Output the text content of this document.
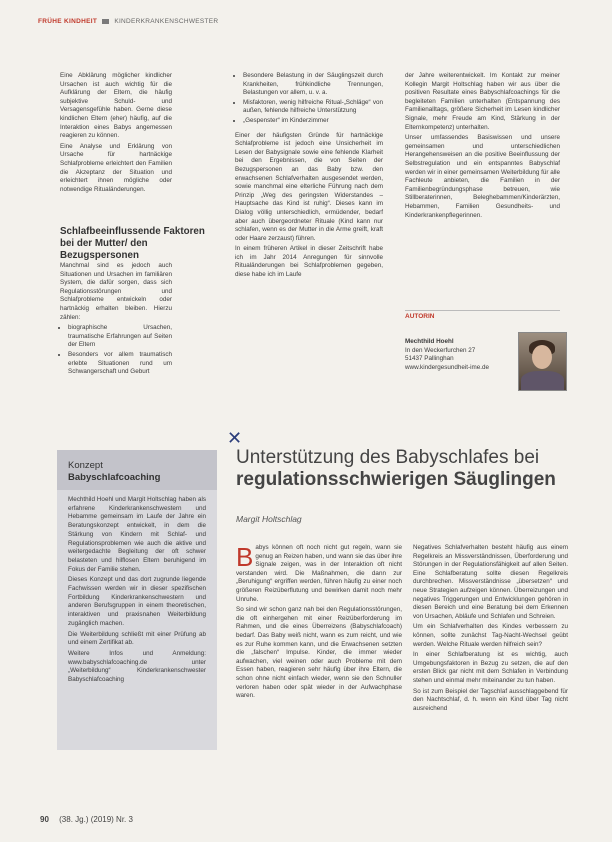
FRÜHE KINDHEIT	KINDERKRANKENSCHWESTER

Eine Abklärung möglicher kindlicher Ursachen ist auch wichtig für die Aufklärung der Eltern, die häufig subjektive Schuld- und Versagensgefühle haben. Gerne diese kindlichen Eltern (eher) häufig, auf die Interaktion eines Babys angemessen reagieren zu können.

Eine Analyse und Erklärung von Ursache für hartnäckige Schlafprobleme erleichtert den Familien die Akzeptanz der Situation und erleichtert ihnen mögliche oder notwendige Ritualänderungen.

Schlafbeeinflussende Faktoren bei der Mutter/ den Bezugspersonen

Manchmal sind es jedoch auch Situationen und Ursachen im familiären System, die dafür sorgen, dass sich Regulationsstörungen und Schlafprobleme entwickeln oder hartnäckig erhalten bleiben. Hierzu zählen:

• biographische Ursachen, traumatische Erfahrungen auf Seiten der Eltern
• Besonders vor allem traumatisch erlebte Situationen rund um Schwangerschaft und Geburt
• Besondere Belastung in der Säuglingszeit durch Krankheiten, frühkindliche Trennungen, Belastungen vor allem, u. v. a.
• Misfaktoren, wenig hilfreiche Ritual-„Schläge“ von außen, fehlende hilfreiche Unterstützung
• „Gespenster“ im Kinderzimmer

Einer der häufigsten Gründe für hartnäckige Schlafprobleme ist jedoch eine Unsicherheit im Lesen der Babysignale sowie eine fehlende Klarheit bei den Ergebnissen, die von Seiten der Bezugspersonen an das Baby bzw. den erwachsenen Schlafverhalten ausgesendet werden, sowie manchmal eine elterliche Führung nach dem Prinzip „Weg des geringsten Widerstandes – Hauptsache das Kind ist ruhig“. Dieses kann im Dialog völlig unterschiedlich, ermüdender, bedarf aber auch übergeordneter Rituale (Kind kann nur schlafen, wenn es der Mutter in die Arme greift, kraft oder Haare zerzaust) führen.

In einem früheren Artikel in dieser Zeitschrift habe ich im Jahr 2014 Anregungen für sinnvolle Ritualänderungen bei Schlafproblemen gegeben, diese habe ich im Laufe

der Jahre weiterentwickelt. Im Kontakt zur meiner Kollegin Margit Holtschlag haben wir aus über die positiven Resultate eines Babyschlafcoachings für die begleiteten Familien unterhalten (Entspannung des Familienalltags, größere Sicherheit im Lesen kindlicher Signale, mehr Freude am Kind, Stärkung in der Elternkompetenz) unterhalten.

Unser umfassendes Basiswissen und unsere gemeinsamen und unterschiedlichen Herangehensweisen an die positive Beeinflussung der Selbstregulation und ein entspanntes Babyschlaf werden wir in einer gemeinsamen Weiterbildung für alle Fachleute anbieten, die Familien in der Familienbegründungsphase betreuen, wie Stillberaterinnen, Beleghebammen/Kinderärzten, Hebammen, Familien Gesundheits- und Kinderkrankenpflegerinnen.

AUTORIN
Mechthild Hoehl
In den Weckerfurchen 27
51437 Pallinghan
www.kindergesundheit-ime.de
✕
Konzept
Babyschlafcoaching

Mechthild Hoehl und Margit Holtschlag haben als erfahrene Kinderkrankenschwestern und Hebamme gemeinsam im Laufe der Jahre ein Beratungskonzept entwickelt, in dem die Stärkung von Kindern mit Schlaf- und Regulationsproblemen wie auch die aktive und weitergedachte Begleitung der oft schwer belasteten und hilflosen Eltern beruhigend im Fokus der Familie stehen.

Dieses Konzept und das dort zugrunde liegende Fachwissen werden wir in dieser spezifischen Fortbildung Kinderkrankenschwestern und anderen Berufsgruppen in einem theoretischen, interaktiven und praxisnahen Weiterbildung zugänglich machen.

Die Weiterbildung schließt mit einer Prüfung ab und einem Zertifikat ab.

Weitere Infos und Anmeldung: www.babyschlafcoaching.de unter „Weiterbildung“ Kinderkrankenschwester Babyschlafcoaching

Unterstützung des Babyschlafes bei
regulationsschwierigen Säuglingen
Margit Holtschlag

Babys können oft noch nicht gut regeln, wann sie genug an Reizen haben, und wann sie das über ihre Signale zeigen, was in der Interaktion oft nicht verstanden wird. Die Maßnahmen, die dann zur „Beruhigung“ ergriffen werden, führen häufig zu einer noch größeren Reizüberflutung und bewirken damit noch mehr Unruhe.

So sind wir schon ganz nah bei den Regulationsstörungen, die oft einhergehen mit einer Reizüberforderung im Rahmen, und die eines Überreizens (Babyschlafcoach) bedarf. Das Baby weiß nicht, wann es zum reicht, und wie es zur Ruhe kommen kann, und die Erwachsenen setzten die „falschen“ Impulse. Kinder, die immer wieder aufwachen, viel weinen oder auch Probleme mit dem Essen haben, reagieren sehr häufig über ihre Eltern, die schon ohne nicht einfach wieder, wenn sie den Schnuller verloren haben oder spät wieder in der Aufwachphase waren.

Negatives Schlafverhalten besteht häufig aus einem Regelkreis an Missverständnissen, Überforderung und Störungen in der Regulationsfähigkeit auf allen Seiten. Eine Schlafberatung sollte diesen Regelkreis durchbrechen. Missverständnisse „übersetzen“ und neue Strategien aufzeigen können. Überreizungen und negatives Triggerungen und Entwicklungen gehören in diesen Bereich und eine Beratung bei dem Erkennen von Ursachen, Abläufe und Schlafen und Schreien.

Um ein Schlafverhalten des Kindes verbessern zu können, sollte zunächst Tag-Nacht-Wechsel geübt werden. Welche Rituale werden hilfreich sein?

In einer Schlafberatung ist es wichtig, auch Umgebungsfaktoren in Bezug zu setzen, die auf den ersten Blick gar nicht mit dem Schlafen in Verbindung stehen und einmal mehr miteinander zu tun haben.

So ist zum Beispiel der Tagschlaf ausschlaggebend für den Nachtschlaf, d. h. wenn ein Kind über Tag nicht ausreichend

90 (38. Jg.) (2019) Nr. 3
